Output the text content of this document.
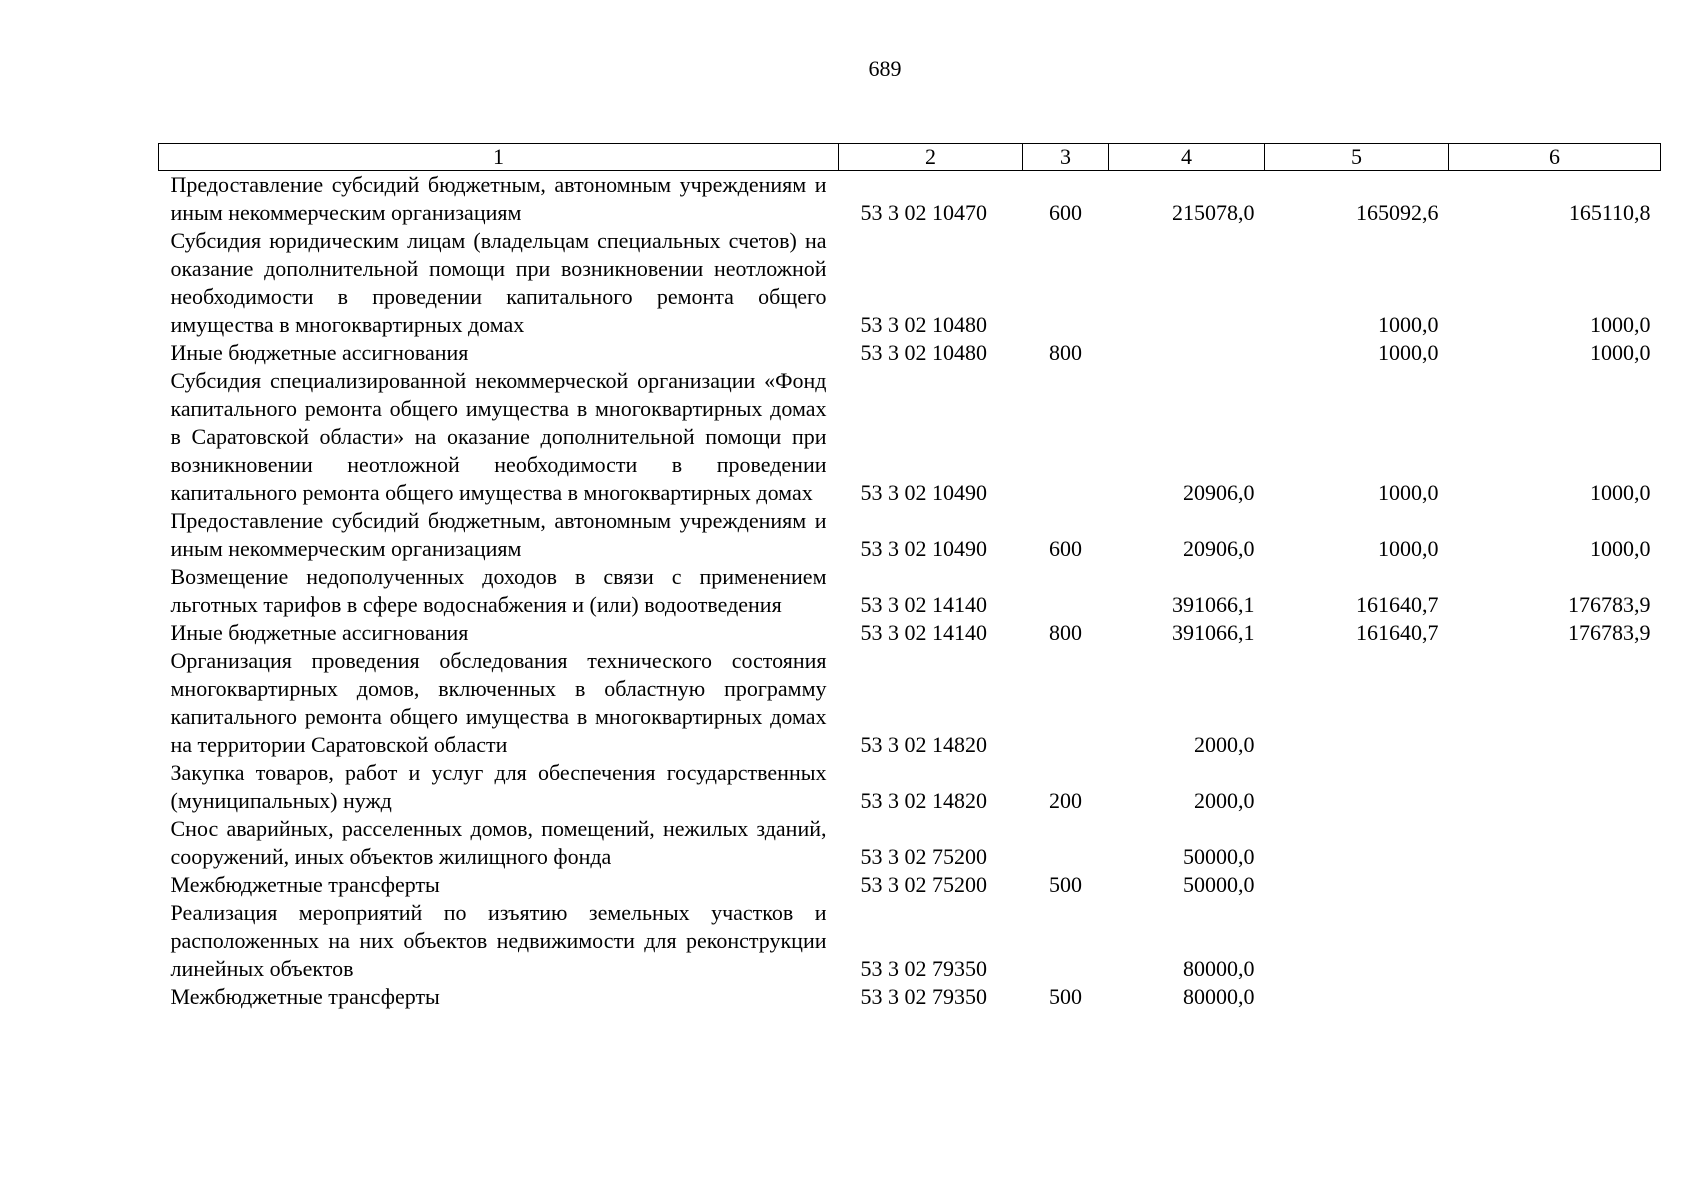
689
1	2	3	4	5	6
Предоставление субсидий бюджетным, автономным учреждениям и иным некоммерческим организациям	53 3 02 10470	600	215078,0	165092,6	165110,8
Субсидия юридическим лицам (владельцам специальных счетов) на оказание дополнительной помощи при возникновении неотложной необходимости в проведении капитального ремонта общего имущества в многоквартирных домах	53 3 02 10480			1000,0	1000,0
Иные бюджетные ассигнования	53 3 02 10480	800		1000,0	1000,0
Субсидия специализированной некоммерческой организации «Фонд капитального ремонта общего имущества в многоквартирных домах в Саратовской области» на оказание дополнительной помощи при возникновении неотложной необходимости в проведении капитального ремонта общего имущества в многоквартирных домах	53 3 02 10490		20906,0	1000,0	1000,0
Предоставление субсидий бюджетным, автономным учреждениям и иным некоммерческим организациям	53 3 02 10490	600	20906,0	1000,0	1000,0
Возмещение недополученных доходов в связи с применением льготных тарифов в сфере водоснабжения и (или) водоотведения	53 3 02 14140		391066,1	161640,7	176783,9
Иные бюджетные ассигнования	53 3 02 14140	800	391066,1	161640,7	176783,9
Организация проведения обследования технического состояния многоквартирных домов, включенных в областную программу капитального ремонта общего имущества в многоквартирных домах на территории Саратовской области	53 3 02 14820		2000,0		
Закупка товаров, работ и услуг для обеспечения государственных (муниципальных) нужд	53 3 02 14820	200	2000,0		
Снос аварийных, расселенных домов, помещений, нежилых зданий, сооружений, иных объектов жилищного фонда	53 3 02 75200		50000,0		
Межбюджетные трансферты	53 3 02 75200	500	50000,0		
Реализация мероприятий по изъятию земельных участков и расположенных на них объектов недвижимости для реконструкции линейных объектов	53 3 02 79350		80000,0		
Межбюджетные трансферты	53 3 02 79350	500	80000,0		
